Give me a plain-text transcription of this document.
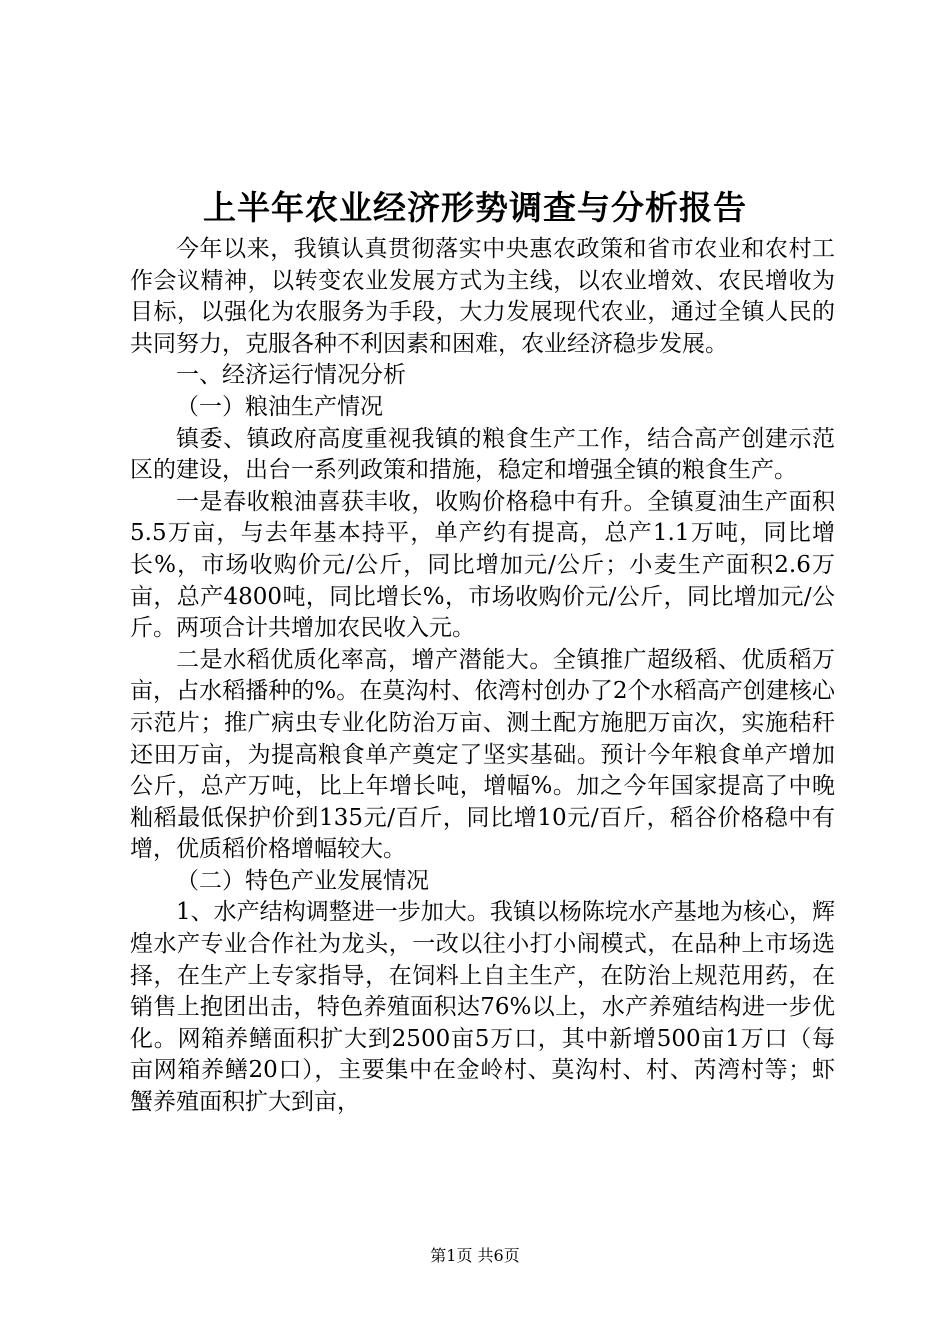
上半年农业经济形势调查与分析报告

今年以来，我镇认真贯彻落实中央惠农政策和省市农业和农村工作会议精神，以转变农业发展方式为主线，以农业增效、农民增收为目标，以强化为农服务为手段，大力发展现代农业，通过全镇人民的共同努力，克服各种不利因素和困难，农业经济稳步发展。

一、经济运行情况分析

（一）粮油生产情况

镇委、镇政府高度重视我镇的粮食生产工作，结合高产创建示范区的建设，出台一系列政策和措施，稳定和增强全镇的粮食生产。

一是春收粮油喜获丰收，收购价格稳中有升。全镇夏油生产面积5.5万亩，与去年基本持平，单产约有提高，总产1.1万吨，同比增长%，市场收购价元/公斤，同比增加元/公斤；小麦生产面积2.6万亩，总产4800吨，同比增长%，市场收购价元/公斤，同比增加元/公斤。两项合计共增加农民收入元。

二是水稻优质化率高，增产潜能大。全镇推广超级稻、优质稻万亩，占水稻播种的%。在莫沟村、依湾村创办了2个水稻高产创建核心示范片；推广病虫专业化防治万亩、测土配方施肥万亩次，实施秸秆还田万亩，为提高粮食单产奠定了坚实基础。预计今年粮食单产增加公斤，总产万吨，比上年增长吨，增幅%。加之今年国家提高了中晚籼稻最低保护价到135元/百斤，同比增10元/百斤，稻谷价格稳中有增，优质稻价格增幅较大。

（二）特色产业发展情况

1、水产结构调整进一步加大。我镇以杨陈垸水产基地为核心，辉煌水产专业合作社为龙头，一改以往小打小闹模式，在品种上市场选择，在生产上专家指导，在饲料上自主生产，在防治上规范用药，在销售上抱团出击，特色养殖面积达76%以上，水产养殖结构进一步优化。网箱养鳝面积扩大到2500亩5万口，其中新增500亩1万口（每亩网箱养鳝20口），主要集中在金岭村、莫沟村、村、芮湾村等；虾蟹养殖面积扩大到亩，

第1页 共6页
